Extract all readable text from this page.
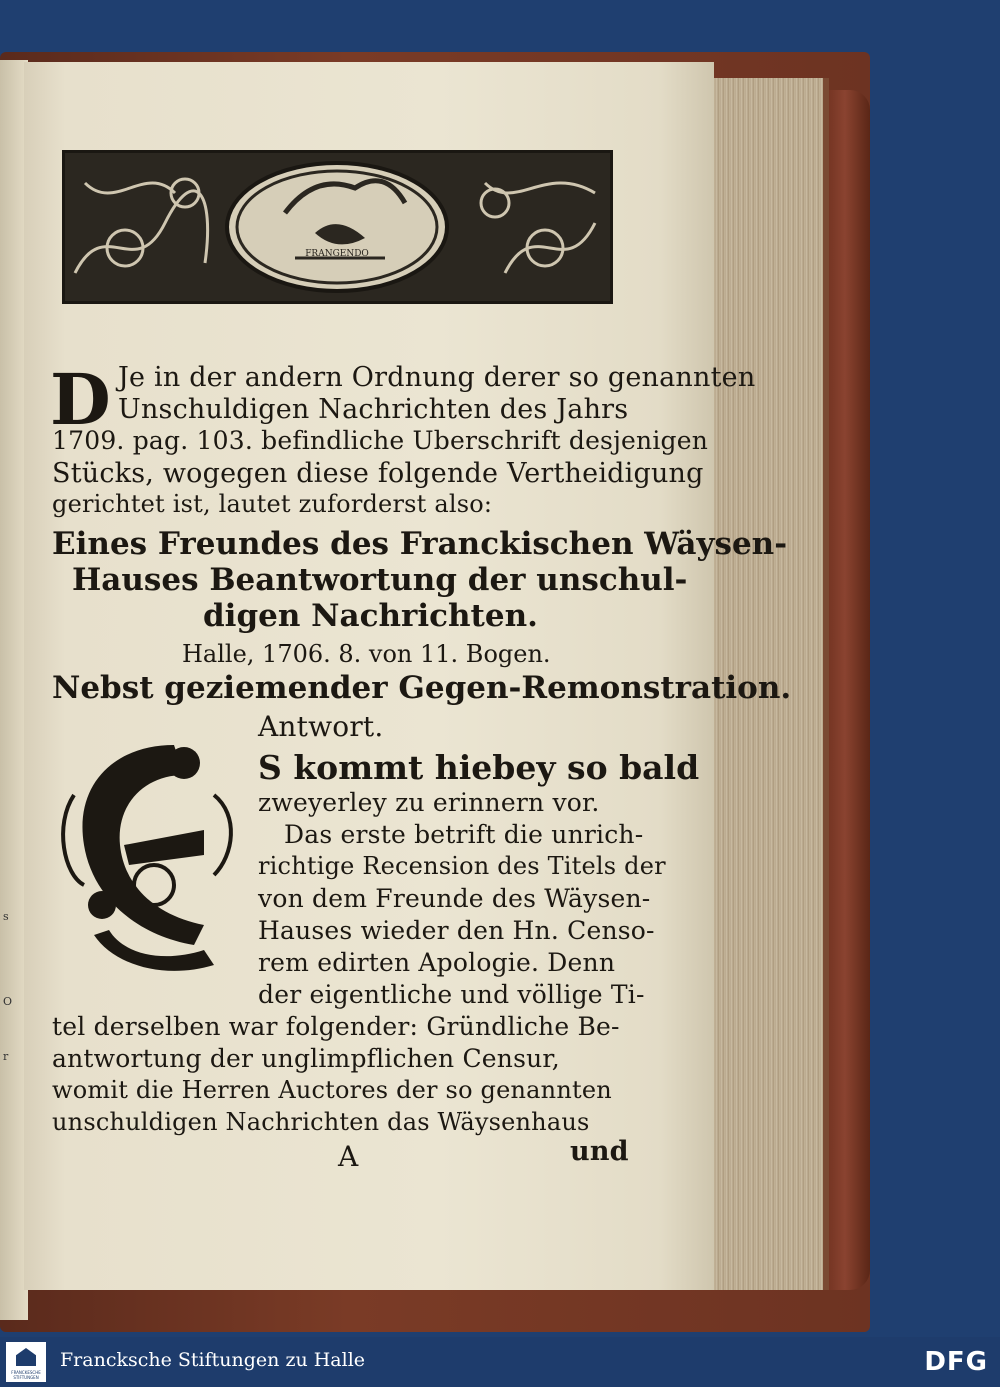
s
O
r
FRANGENDO
D Je in der andern Ordnung derer so genannten
Unschuldigen Nachrichten des Jahrs
1709. pag. 103. befindliche Uberschrift desjenigen
Stücks, wogegen diese folgende Vertheidigung
gerichtet ist, lautet zuforderst also:
Eines Freundes des Franckischen Wäysen-
Hauses Beantwortung der unschul-
digen Nachrichten.
Halle, 1706. 8. von 11. Bogen.
Nebst geziemender Gegen-Remonstration.
Antwort.
S kommt hiebey so bald
zweyerley zu erinnern vor.
Das erste betrift die unrich-
richtige Recension des Titels der
von dem Freunde des Wäysen-
Hauses wieder den Hn. Censo-
rem edirten Apologie. Denn
der eigentliche und völlige Ti-
tel derselben war folgender: Gründliche Be-
antwortung der unglimpflichen Censur,
womit die Herren Auctores der so genannten
unschuldigen Nachrichten das Wäysenhaus
A	und
FRANCKESCHE STIFTUNGEN
Francksche Stiftungen zu Halle	DFG
